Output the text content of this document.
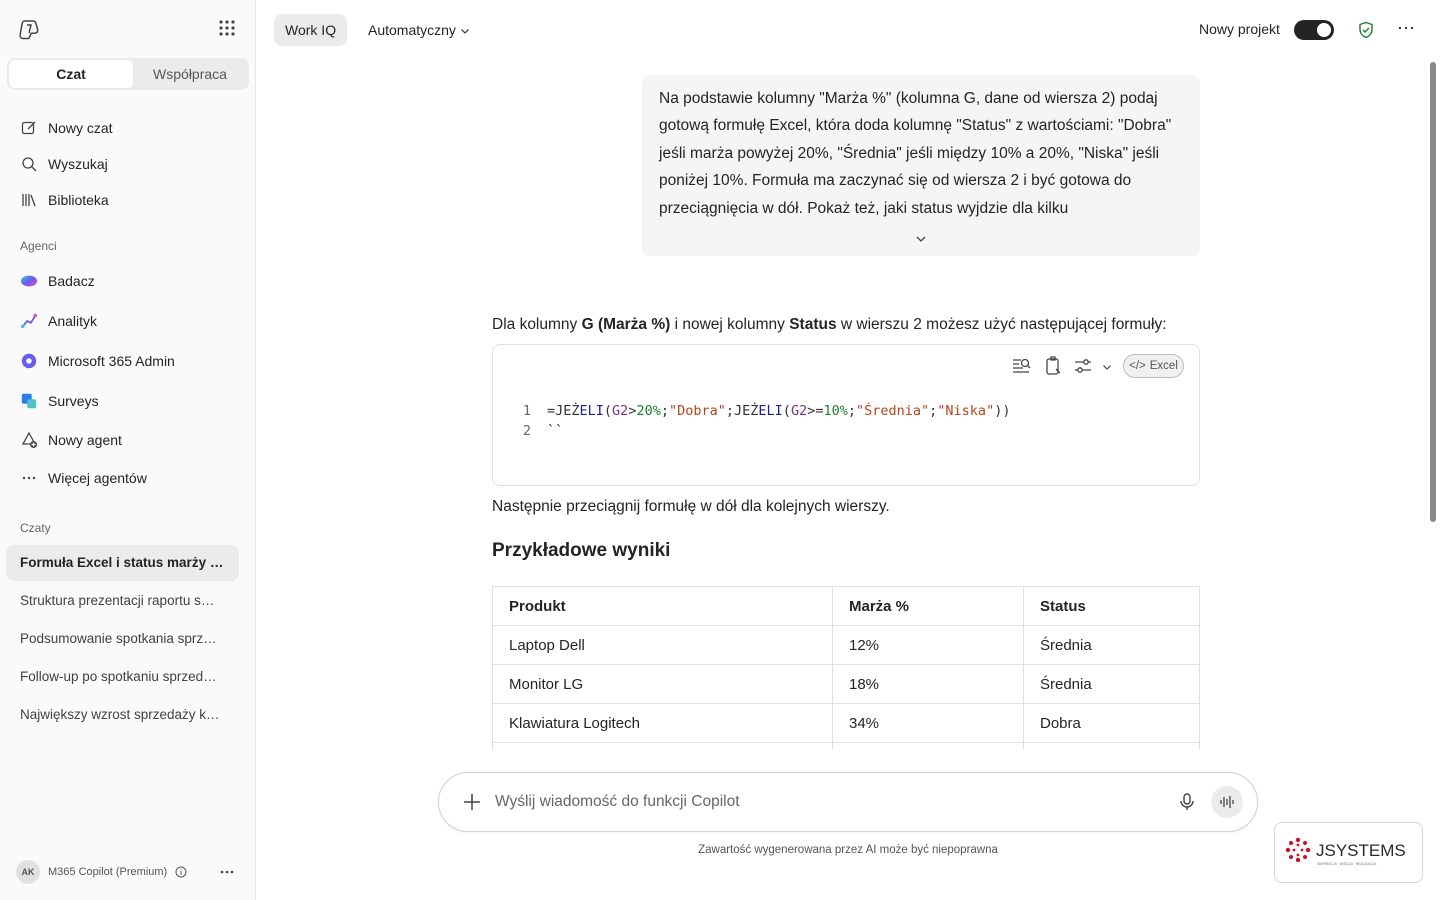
Czat	Współpraca
Nowy czat
Wyszukaj
Biblioteka
Agenci
Badacz
Analityk
Microsoft 365 Admin
Surveys
Nowy agent
Więcej agentów
Czaty
Formuła Excel i status marży …
Struktura prezentacji raportu s…
Podsumowanie spotkania sprz…
Follow-up po spotkaniu sprzed…
Największy wzrost sprzedaży k…
AK	M365 Copilot (Premium)
Work IQ	Automatyczny	Nowy projekt	⋯

Na podstawie kolumny "Marża %" (kolumna G, dane od wiersza 2) podaj gotową formułę Excel, która doda kolumnę "Status" z wartościami: "Dobra" jeśli marża powyżej 20%, "Średnia" jeśli między 10% a 20%, "Niska" jeśli poniżej 10%. Formuła ma zaczynać się od wiersza 2 i być gotowa do przeciągnięcia w dół. Pokaż też, jaki status wyjdzie dla kilku

Dla kolumny G (Marża %) i nowej kolumny Status w wierszu 2 możesz użyć następującej formuły:
</> Excel
1 =JEŻELI(G2>20%;"Dobra";JEŻELI(G2>=10%;"Średnia";"Niska"))
2 ``
Następnie przeciągnij formułę w dół dla kolejnych wierszy.
Przykładowe wyniki
Produkt	Marża %	Status
Laptop Dell	12%	Średnia
Monitor LG	18%	Średnia
Klawiatura Logitech	34%	Dobra

Wyślij wiadomość do funkcji Copilot
Zawartość wygenerowana przez AI może być niepoprawna	JSYSTEMS
INSPIRACJA · WIEDZA · REALIZACJA
